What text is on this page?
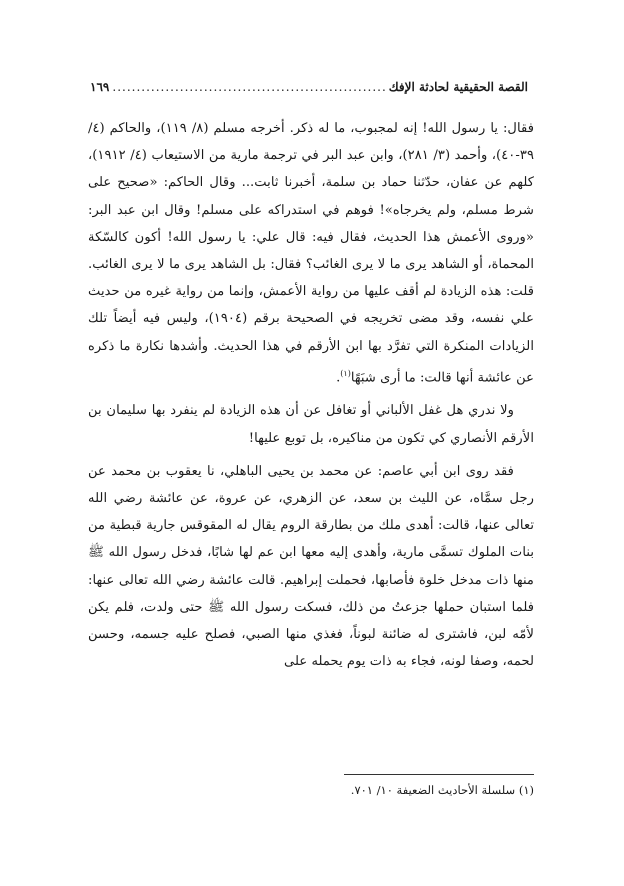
القصة الحقيقية لحادثة الإفك
.....
١٦٩

فقال: يا رسول الله! إنه لمجبوب، ما له ذكر. أخرجه مسلم (٨/ ١١٩)، والحاكم (٤/ ٣٩-٤٠)، وأحمد (٣/ ٢٨١)، وابن عبد البر في ترجمة مارية من الاستيعاب (٤/ ١٩١٢)، كلهم عن عفان، حدّثنا حماد بن سلمة، أخبرنا ثابت... وقال الحاكم: «صحيح على شرط مسلم، ولم يخرجاه»! فوهم في استدراكه على مسلم! وقال ابن عبد البر: «وروى الأعمش هذا الحديث، فقال فيه: قال علي: يا رسول الله! أكون كالسّكة المحماة، أو الشاهد يرى ما لا يرى الغائب؟ فقال: بل الشاهد يرى ما لا يرى الغائب. قلت: هذه الزيادة لم أقف عليها من رواية الأعمش، وإنما من رواية غيره من حديث علي نفسه، وقد مضى تخريجه في الصحيحة برقم (١٩٠٤)، وليس فيه أيضاً تلك الزيادات المنكرة التي تفرَّد بها ابن الأرقم في هذا الحديث. وأشدها نكارة ما ذكره عن عائشة أنها قالت: ما أرى شبَهًا$^{(١)}$.

ولا ندري هل غفل الألباني أو تغافل عن أن هذه الزيادة لم ينفرد بها سليمان بن الأرقم الأنصاري كي تكون من مناكيره، بل توبع عليها!

فقد روى ابن أبي عاصم: عن محمد بن يحيى الباهلي، نا يعقوب بن محمد عن رجل سمَّاه، عن الليث بن سعد، عن الزهري، عن عروة، عن عائشة رضي الله تعالى عنها، قالت: أهدى ملك من بطارقة الروم يقال له المقوقس جارية قبطية من بنات الملوك تسمَّى مارية، وأهدى إليه معها ابن عم لها شابًا، فدخل رسول الله ﷺ منها ذات مدخل خلوة فأصابها، فحملت إبراهيم. قالت عائشة رضي الله تعالى عنها: فلما استبان حملها جزعتُ من ذلك، فسكت رسول الله ﷺ حتى ولدت، فلم يكن لأمّه لبن، فاشترى له ضائنة لبوناً، فغذي منها الصبي، فصلح عليه جسمه، وحسن لحمه، وصفا لونه، فجاء به ذات يوم يحمله على

(١) سلسلة الأحاديث الضعيفة ١٠/ ٧٠١.
